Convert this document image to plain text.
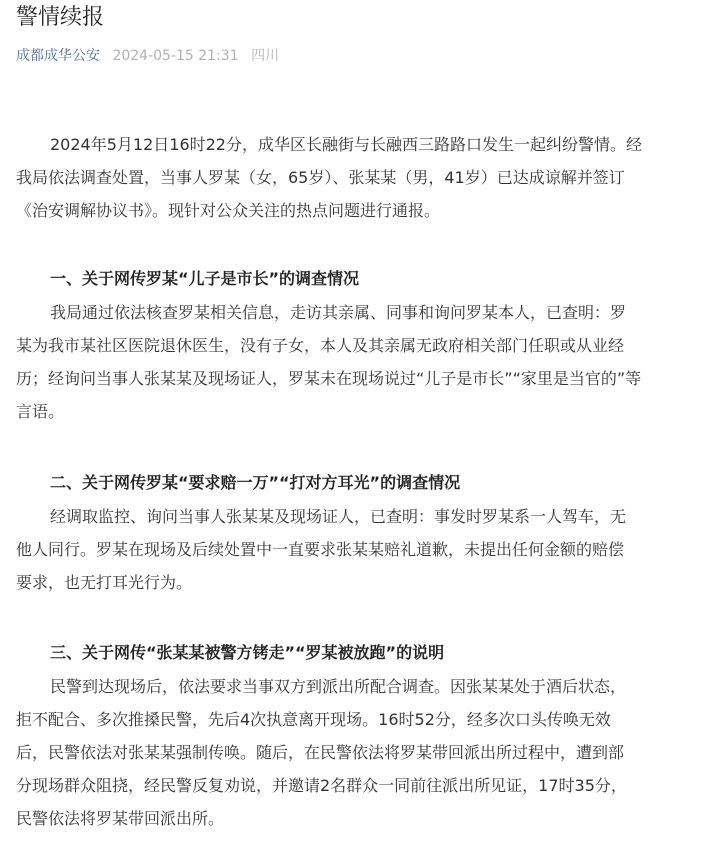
警情续报
成都成华公安 2024-05-15 21:31 四川
2024年5月12日16时22分，成华区长融街与长融西三路路口发生一起纠纷警情。经
我局依法调查处置，当事人罗某（女，65岁）、张某某（男，41岁）已达成谅解并签订
《治安调解协议书》。现针对公众关注的热点问题进行通报。
一、关于网传罗某“儿子是市长”的调查情况
我局通过依法核查罗某相关信息，走访其亲属、同事和询问罗某本人，已查明：罗
某为我市某社区医院退休医生，没有子女，本人及其亲属无政府相关部门任职或从业经
历；经询问当事人张某某及现场证人，罗某未在现场说过“儿子是市长”“家里是当官的”等
言语。
二、关于网传罗某“要求赔一万”“打对方耳光”的调查情况
经调取监控、询问当事人张某某及现场证人，已查明：事发时罗某系一人驾车，无
他人同行。罗某在现场及后续处置中一直要求张某某赔礼道歉，未提出任何金额的赔偿
要求，也无打耳光行为。
三、关于网传“张某某被警方铐走”“罗某被放跑”的说明
民警到达现场后，依法要求当事双方到派出所配合调查。因张某某处于酒后状态，
拒不配合、多次推搡民警，先后4次执意离开现场。16时52分，经多次口头传唤无效
后，民警依法对张某某强制传唤。随后，在民警依法将罗某带回派出所过程中，遭到部
分现场群众阻挠，经民警反复劝说，并邀请2名群众一同前往派出所见证，17时35分，
民警依法将罗某带回派出所。
